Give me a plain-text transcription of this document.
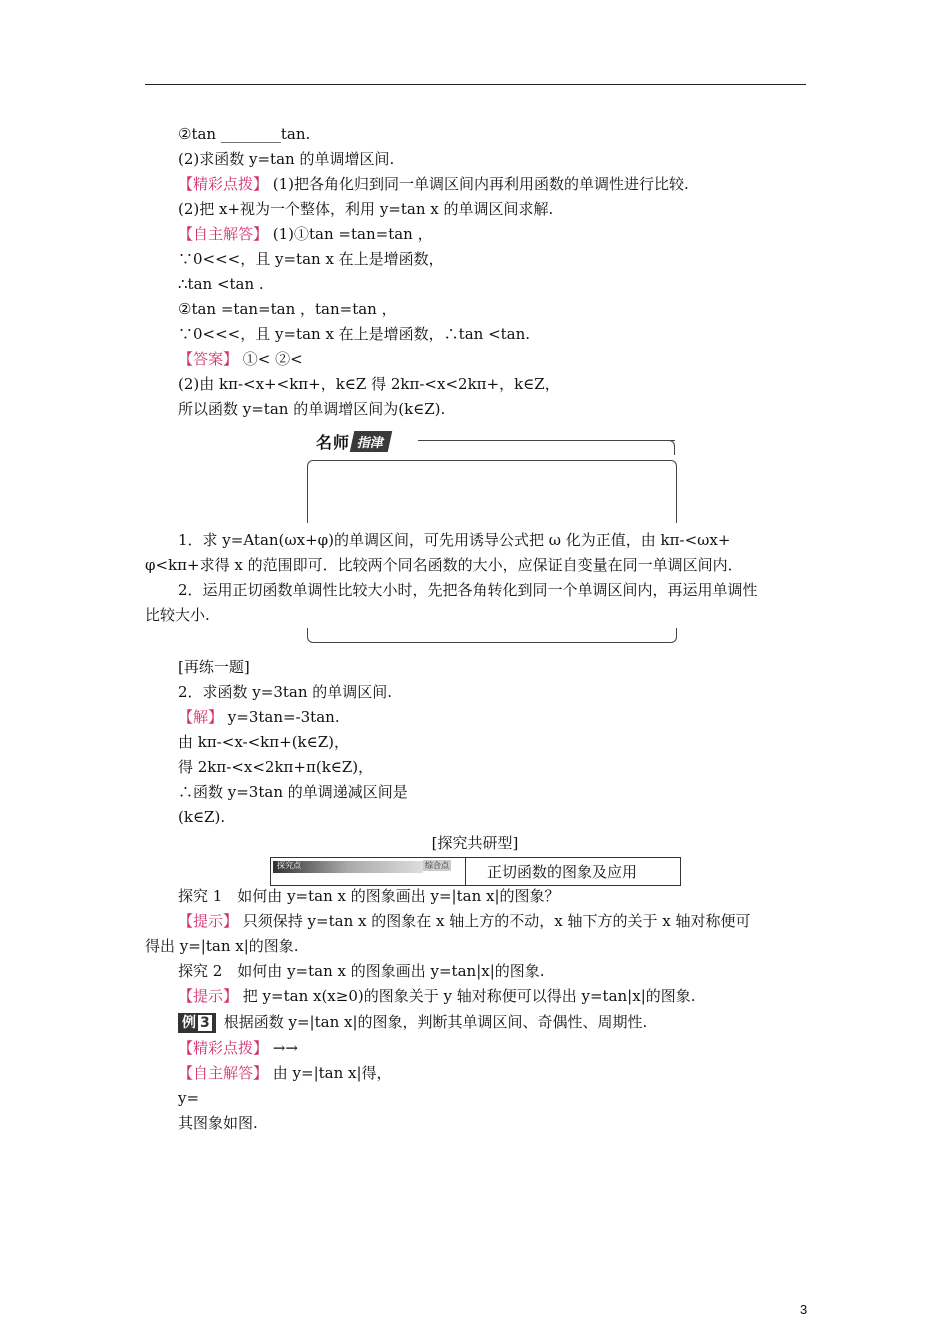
②tan ________tan.
(2)求函数 y=tan 的单调增区间.
【精彩点拨】 (1)把各角化归到同一单调区间内再利用函数的单调性进行比较.
(2)把 x+视为一个整体，利用 y=tan x 的单调区间求解.
【自主解答】 (1)①tan =tan=tan ，
∵0<<<，且 y=tan x 在上是增函数，
∴tan <tan .
②tan =tan=tan ，tan=tan ，
∵0<<<，且 y=tan x 在上是增函数，∴tan <tan.
【答案】 ①< ②<
(2)由 kπ-<x+<kπ+，k∈Z 得 2kπ-<x<2kπ+，k∈Z，
所以函数 y=tan 的单调增区间为(k∈Z).
名师 指津
1．求 y=Atan(ωx+φ)的单调区间，可先用诱导公式把 ω 化为正值，由 kπ-<ωx+
φ<kπ+求得 x 的范围即可．比较两个同名函数的大小，应保证自变量在同一单调区间内．
2．运用正切函数单调性比较大小时，先把各角转化到同一个单调区间内，再运用单调性
比较大小.
[再练一题]
2．求函数 y=3tan 的单调区间.
【解】 y=3tan=-3tan.
由 kπ-<x-<kπ+(k∈Z)，
得 2kπ-<x<2kπ+π(k∈Z)，
∴函数 y=3tan 的单调递减区间是
(k∈Z).
[探究共研型]
探究点	综合点	正切函数的图象及应用
探究 1　如何由 y=tan x 的图象画出 y=|tan x|的图象？
【提示】 只须保持 y=tan x 的图象在 x 轴上方的不动，x 轴下方的关于 x 轴对称便可
得出 y=|tan x|的图象.
探究 2　如何由 y=tan x 的图象画出 y=tan|x|的图象.
【提示】 把 y=tan x(x≥0)的图象关于 y 轴对称便可以得出 y=tan|x|的图象.
例 3 根据函数 y=|tan x|的图象，判断其单调区间、奇偶性、周期性.
【精彩点拨】 →→
【自主解答】 由 y=|tan x|得，
y=
其图象如图.
3
